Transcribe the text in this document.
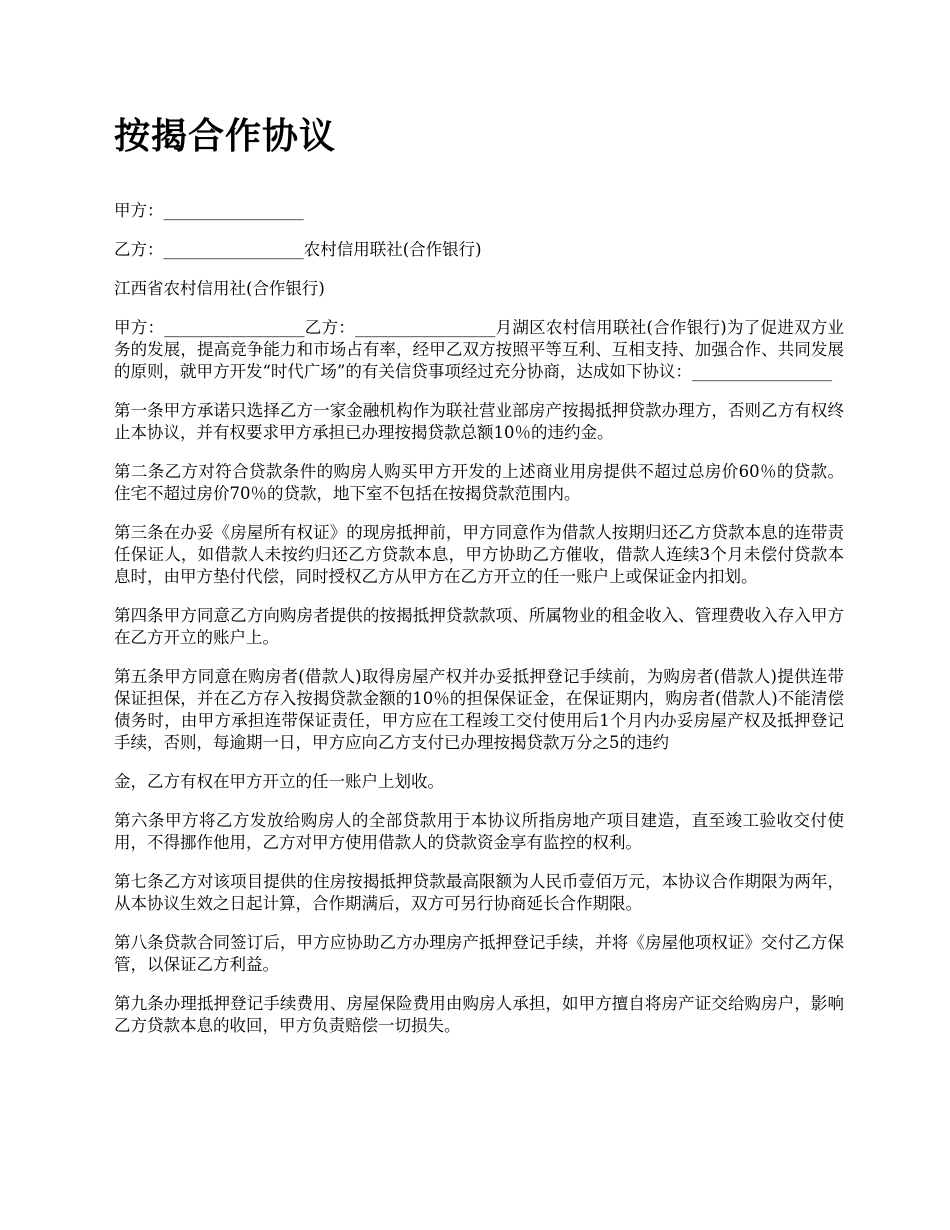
按揭合作协议

甲方：_________________

乙方：_________________农村信用联社(合作银行)

江西省农村信用社(合作银行)

甲方：_________________乙方：_________________月湖区农村信用联社(合作银行)为了促进双方业务的发展，提高竞争能力和市场占有率，经甲乙双方按照平等互利、互相支持、加强合作、共同发展的原则，就甲方开发“时代广场”的有关信贷事项经过充分协商，达成如下协议：_________________

第一条甲方承诺只选择乙方一家金融机构作为联社营业部房产按揭抵押贷款办理方，否则乙方有权终止本协议，并有权要求甲方承担已办理按揭贷款总额10％的违约金。

第二条乙方对符合贷款条件的购房人购买甲方开发的上述商业用房提供不超过总房价60％的贷款。住宅不超过房价70％的贷款，地下室不包括在按揭贷款范围内。

第三条在办妥《房屋所有权证》的现房抵押前，甲方同意作为借款人按期归还乙方贷款本息的连带责任保证人，如借款人未按约归还乙方贷款本息，甲方协助乙方催收，借款人连续3个月未偿付贷款本息时，由甲方垫付代偿，同时授权乙方从甲方在乙方开立的任一账户上或保证金内扣划。

第四条甲方同意乙方向购房者提供的按揭抵押贷款款项、所属物业的租金收入、管理费收入存入甲方在乙方开立的账户上。

第五条甲方同意在购房者(借款人)取得房屋产权并办妥抵押登记手续前，为购房者(借款人)提供连带保证担保，并在乙方存入按揭贷款金额的10％的担保保证金，在保证期内，购房者(借款人)不能清偿债务时，由甲方承担连带保证责任，甲方应在工程竣工交付使用后1个月内办妥房屋产权及抵押登记手续，否则，每逾期一日，甲方应向乙方支付已办理按揭贷款万分之5的违约

金，乙方有权在甲方开立的任一账户上划收。

第六条甲方将乙方发放给购房人的全部贷款用于本协议所指房地产项目建造，直至竣工验收交付使用，不得挪作他用，乙方对甲方使用借款人的贷款资金享有监控的权利。

第七条乙方对该项目提供的住房按揭抵押贷款最高限额为人民币壹佰万元，本协议合作期限为两年，从本协议生效之日起计算，合作期满后，双方可另行协商延长合作期限。

第八条贷款合同签订后，甲方应协助乙方办理房产抵押登记手续，并将《房屋他项权证》交付乙方保管，以保证乙方利益。

第九条办理抵押登记手续费用、房屋保险费用由购房人承担，如甲方擅自将房产证交给购房户，影响乙方贷款本息的收回，甲方负责赔偿一切损失。
